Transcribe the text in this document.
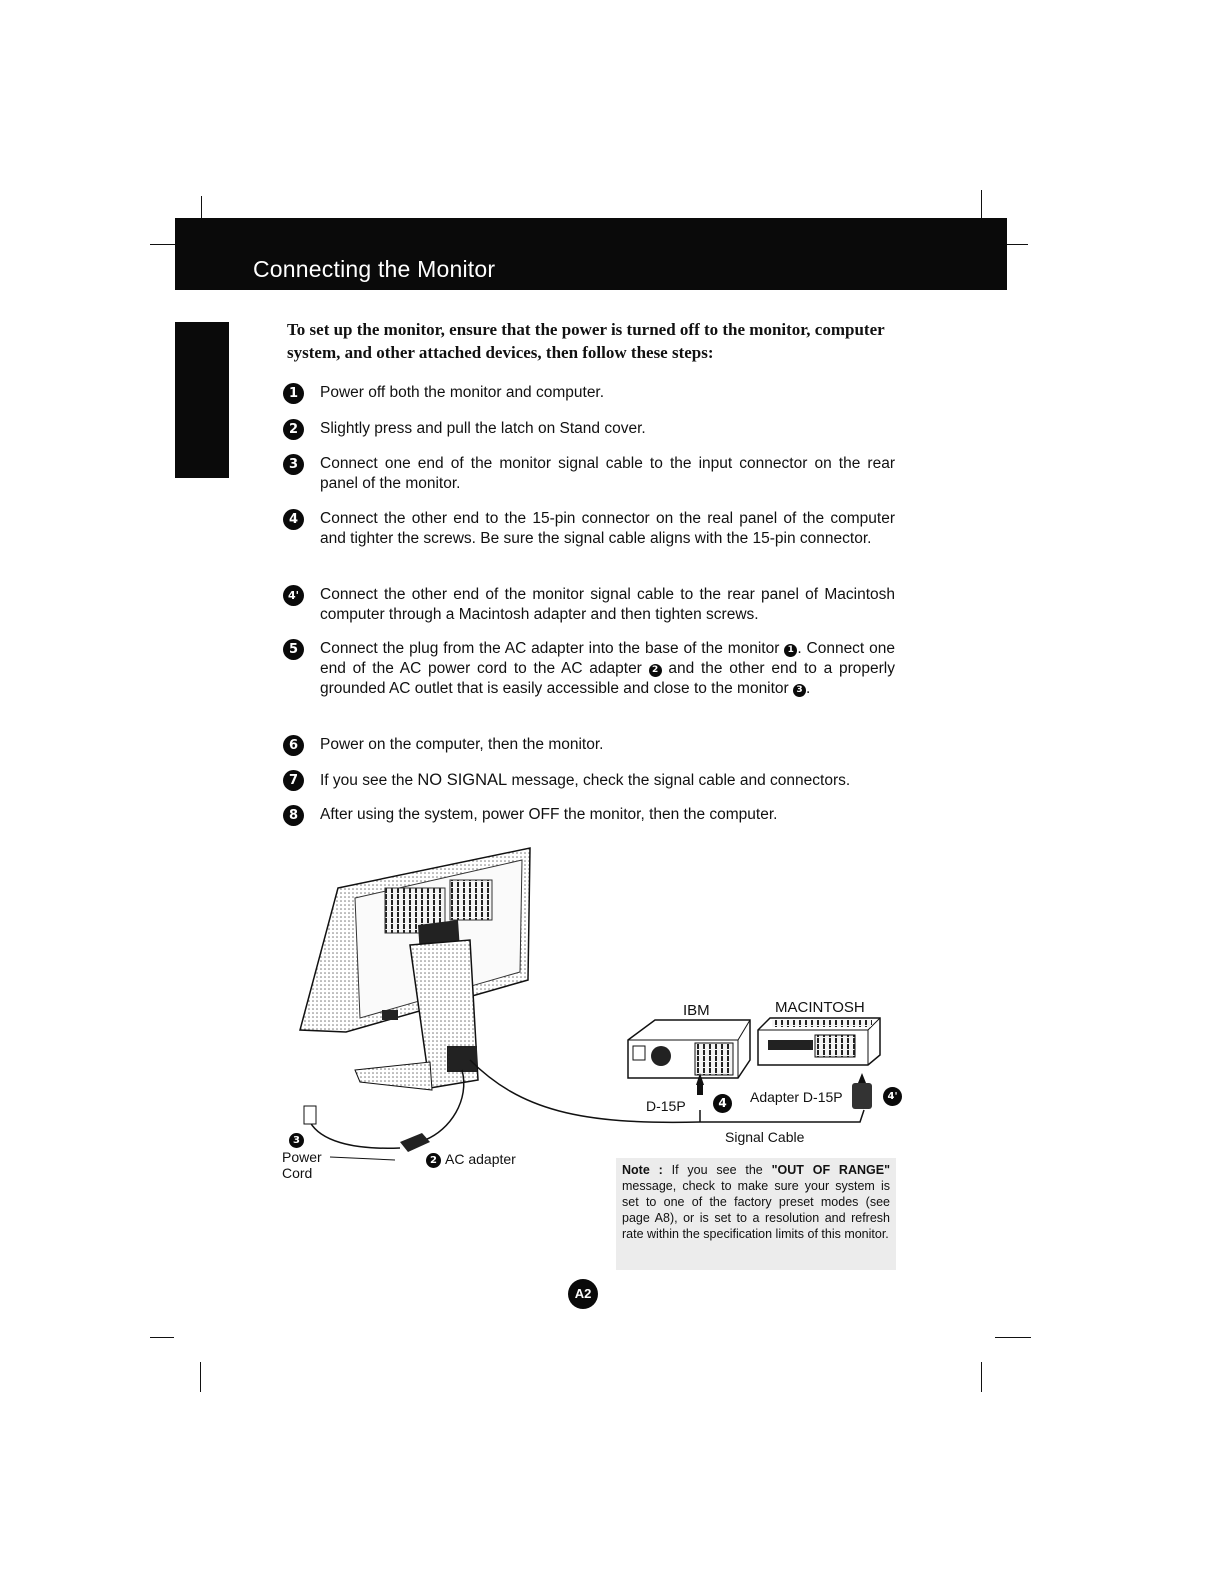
Connecting the Monitor
To set up the monitor, ensure that the power is turned off to the monitor, computer system, and other attached devices, then follow these steps:
1	Power off both the monitor and computer.
2	Slightly press and pull the latch on Stand cover.
3	Connect one end of the monitor signal cable to the input connector on the rear panel of the monitor.
4	Connect the other end to the 15-pin connector on the real panel of the computer and tighter the screws. Be sure the signal cable aligns with the 15-pin connector.
4'	Connect the other end of the monitor signal cable to the rear panel of Macintosh computer through a Macintosh adapter and then tighten screws.
5	Connect the plug from the AC adapter into the base of the monitor 1 . Connect one end of the AC power cord to the AC adapter 2 and the other end to a properly grounded AC outlet that is easily accessible and close to the monitor 3 .
6	Power on the computer, then the monitor.
7	If you see the NO SIGNAL message, check the signal cable and connectors.
8	After using the system, power OFF the monitor, then the computer.
IBM	MACINTOSH
D-15P	4	Adapter D-15P	4'
Signal Cable
3
Power
Cord
2 AC adapter
Note : If you see the "OUT OF RANGE" message, check to make sure your system is set to one of the factory preset modes (see page A8), or is set to a resolution and refresh rate within the specification limits of this monitor.
A2
